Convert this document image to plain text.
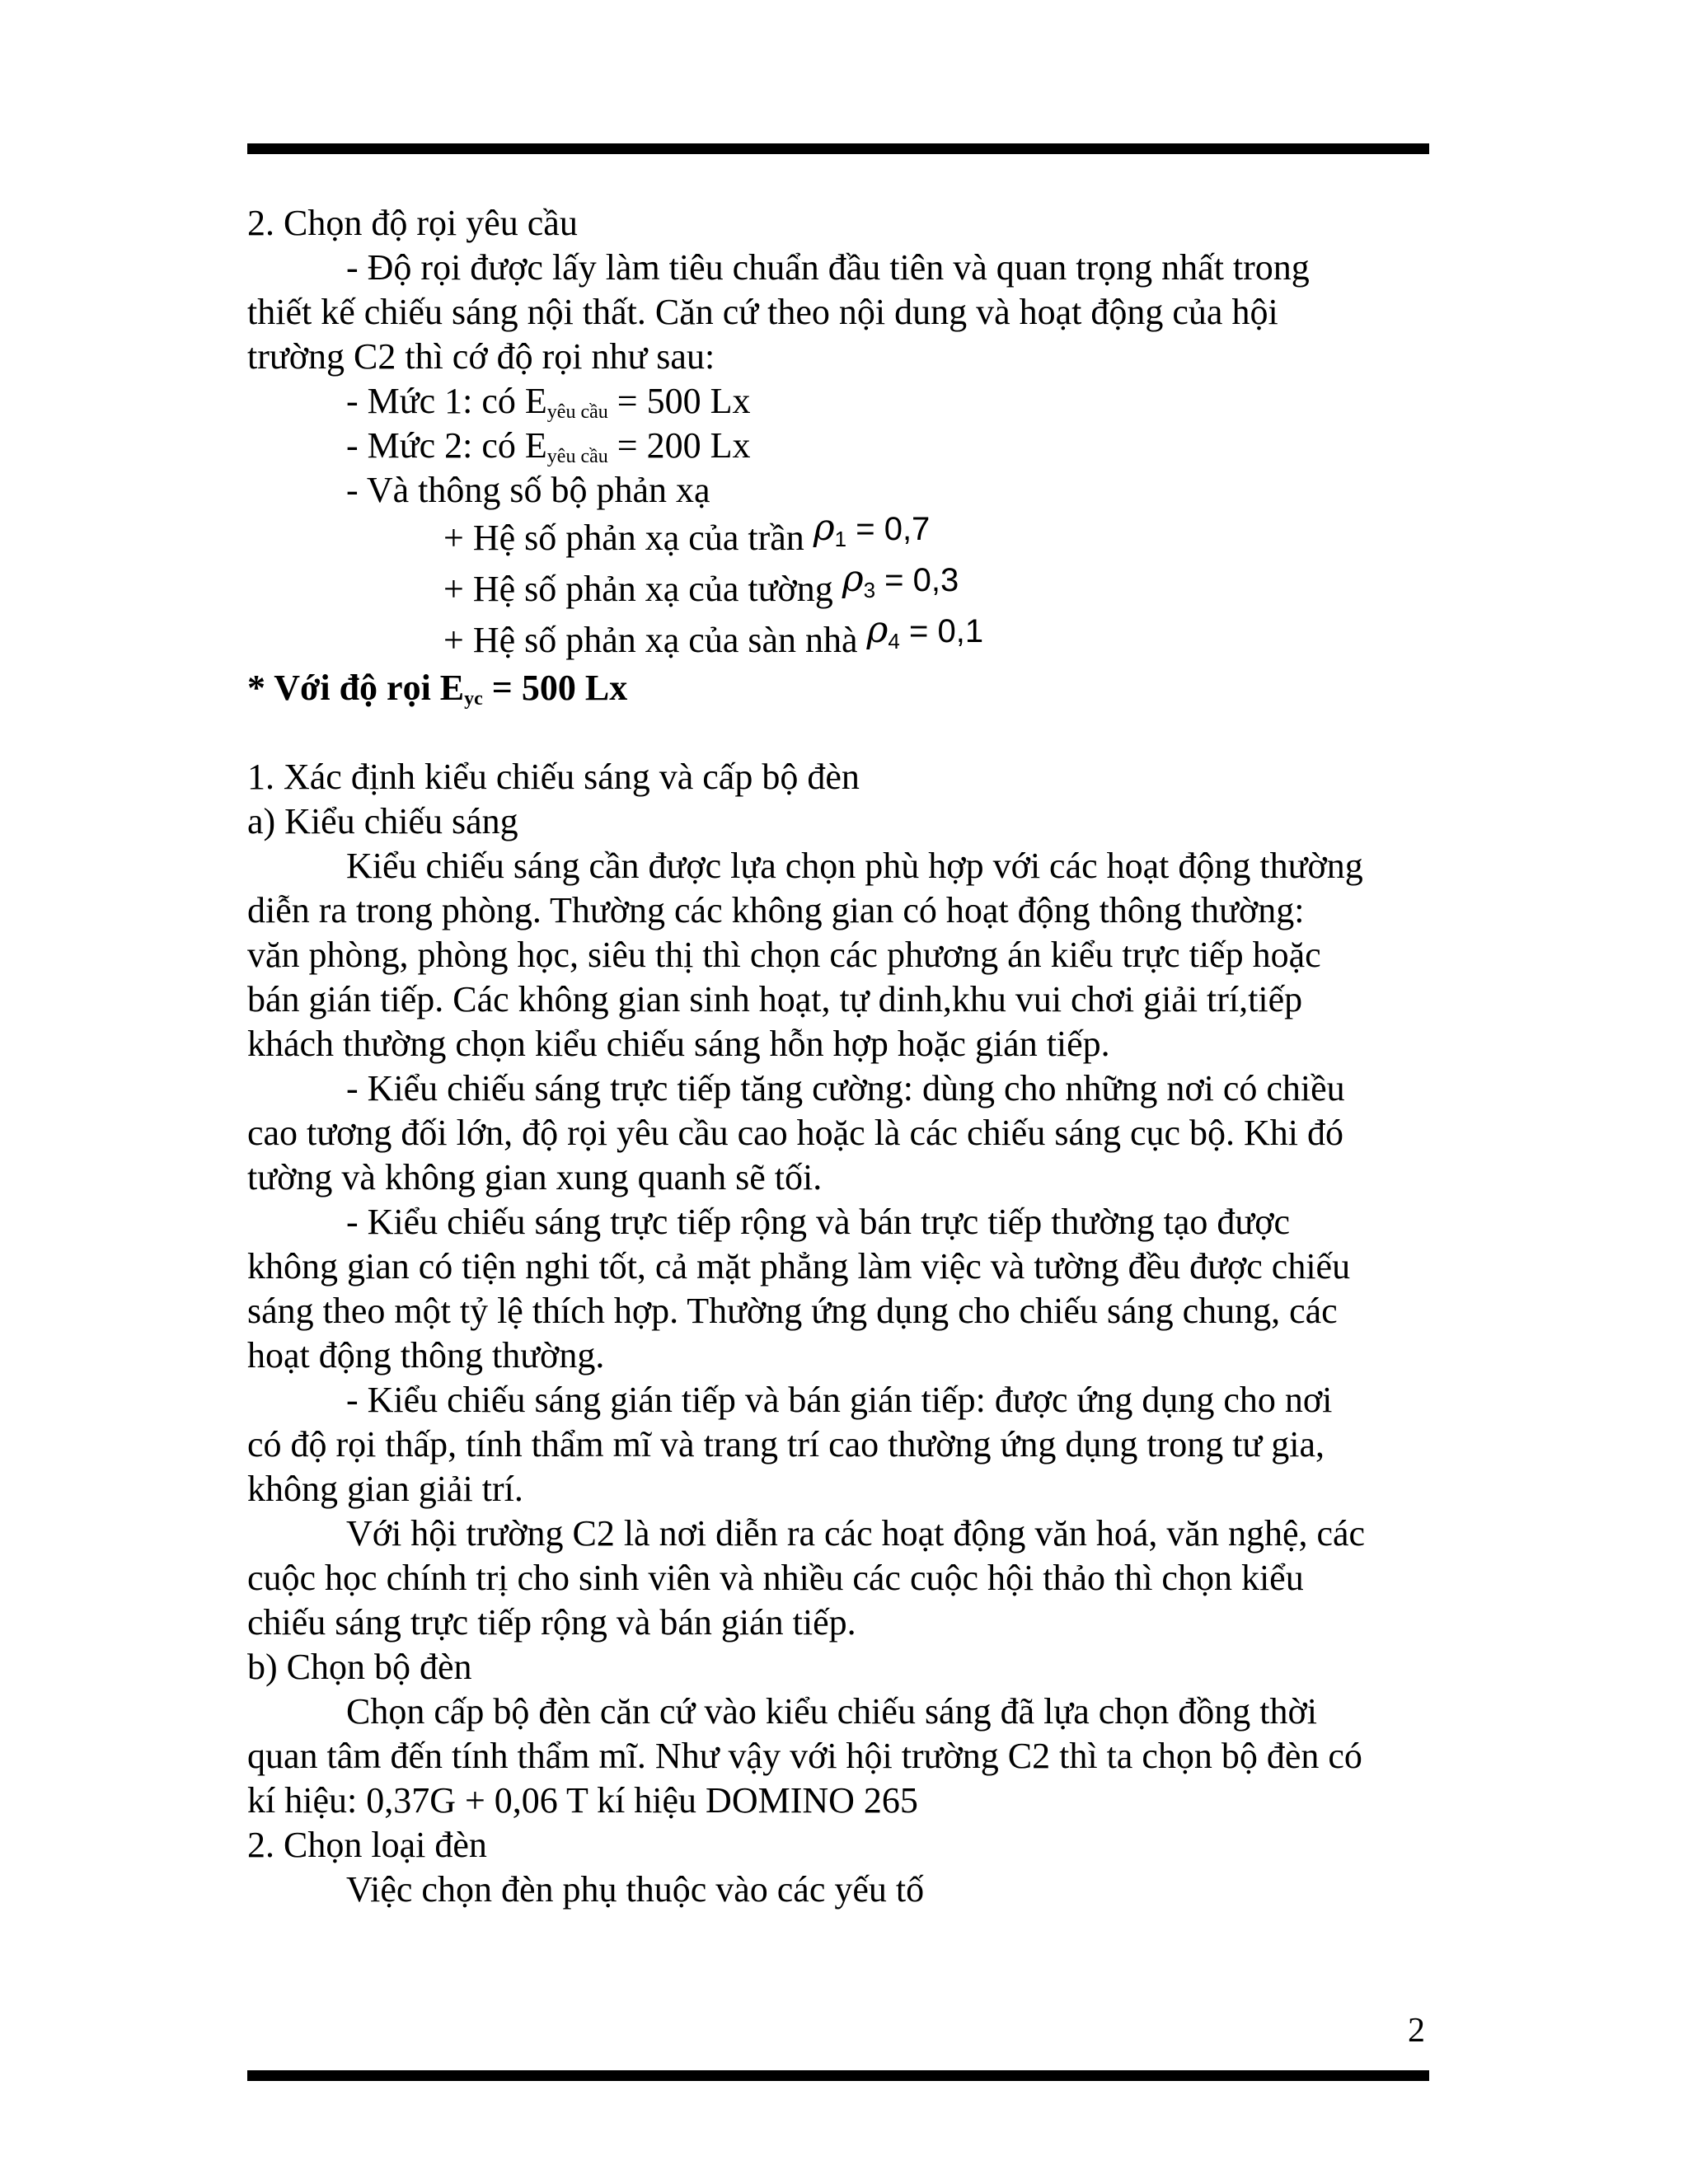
2. Chọn độ rọi yêu cầu
- Độ rọi được lấy làm tiêu chuẩn đầu tiên và quan trọng nhất trong
thiết kế chiếu sáng nội thất. Căn cứ theo nội dung và hoạt động của hội
trường C2 thì cớ độ rọi như sau:
- Mức 1: có $E_{yêu cầu} = 500$ Lx
- Mức 2: có $E_{yêu cầu} = 200$ Lx
- Và thông số bộ phản xạ
+ Hệ số phản xạ của trần $\rho_1 = 0,7$
+ Hệ số phản xạ của tường $\rho_3 = 0,3$
+ Hệ số phản xạ của sàn nhà $\rho_4 = 0,1$
* Với độ rọi $E_{yc} = 500$ Lx
1. Xác định kiểu chiếu sáng và cấp bộ đèn
a) Kiểu chiếu sáng
Kiểu chiếu sáng cần được lựa chọn phù hợp với các hoạt động thường
diễn ra trong phòng. Thường các không gian có hoạt động thông thường:
văn phòng, phòng học, siêu thị thì chọn các phương án kiểu trực tiếp hoặc
bán gián tiếp. Các không gian sinh hoạt, tự dinh,khu vui chơi giải trí,tiếp
khách thường chọn kiểu chiếu sáng hỗn hợp hoặc gián tiếp.
- Kiểu chiếu sáng trực tiếp tăng cường: dùng cho những nơi có chiều
cao tương đối lớn, độ rọi yêu cầu cao hoặc là các chiếu sáng cục bộ. Khi đó
tường và không gian xung quanh sẽ tối.
- Kiểu chiếu sáng trực tiếp rộng và bán trực tiếp thường tạo được
không gian có tiện nghi tốt, cả mặt phẳng làm việc và tường đều được chiếu
sáng theo một tỷ lệ thích hợp. Thường ứng dụng cho chiếu sáng chung, các
hoạt động thông thường.
- Kiểu chiếu sáng gián tiếp và bán gián tiếp: được ứng dụng cho nơi
có độ rọi thấp, tính thẩm mĩ và trang trí cao thường ứng dụng trong tư gia,
không gian giải trí.
Với hội trường C2 là nơi diễn ra các hoạt động văn hoá, văn nghệ, các
cuộc học chính trị cho sinh viên và nhiều các cuộc hội thảo thì chọn kiểu
chiếu sáng trực tiếp rộng và bán gián tiếp.
b) Chọn bộ đèn
Chọn cấp bộ đèn căn cứ vào kiểu chiếu sáng đã lựa chọn đồng thời
quan tâm đến tính thẩm mĩ. Như vậy với hội trường C2 thì ta chọn bộ đèn có
kí hiệu: 0,37G + 0,06 T kí hiệu DOMINO 265
2. Chọn loại đèn
Việc chọn đèn phụ thuộc vào các yếu tố
2
